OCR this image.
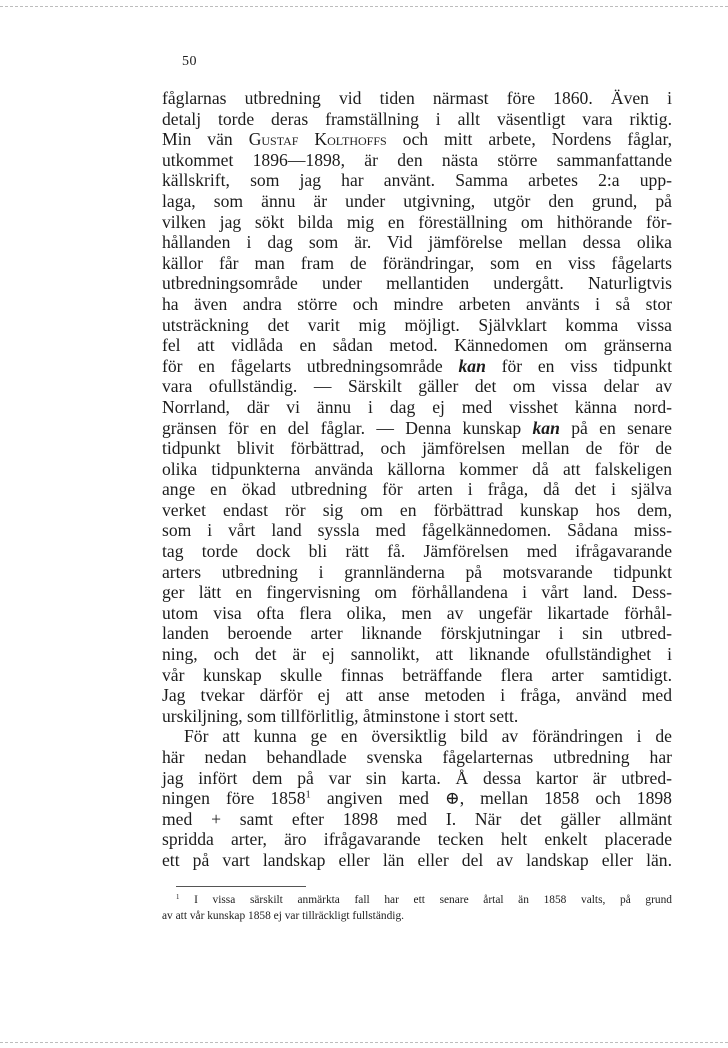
50
fåglarnas utbredning vid tiden närmast före 1860. Även i
detalj torde deras framställning i allt väsentligt vara riktig.
Min vän Gustaf Kolthoffs och mitt arbete, Nordens fåglar,
utkommet 1896—1898, är den nästa större sammanfattande
källskrift, som jag har använt. Samma arbetes 2:a upp-
laga, som ännu är under utgivning, utgör den grund, på
vilken jag sökt bilda mig en föreställning om hithörande för-
hållanden i dag som är. Vid jämförelse mellan dessa olika
källor får man fram de förändringar, som en viss fågelarts
utbredningsområde under mellantiden undergått. Naturligtvis
ha även andra större och mindre arbeten använts i så stor
utsträckning det varit mig möjligt. Självklart komma vissa
fel att vidlåda en sådan metod. Kännedomen om gränserna
för en fågelarts utbredningsområde kan för en viss tidpunkt
vara ofullständig. — Särskilt gäller det om vissa delar av
Norrland, där vi ännu i dag ej med visshet känna nord-
gränsen för en del fåglar. — Denna kunskap kan på en senare
tidpunkt blivit förbättrad, och jämförelsen mellan de för de
olika tidpunkterna använda källorna kommer då att falskeligen
ange en ökad utbredning för arten i fråga, då det i själva
verket endast rör sig om en förbättrad kunskap hos dem,
som i vårt land syssla med fågelkännedomen. Sådana miss-
tag torde dock bli rätt få. Jämförelsen med ifrågavarande
arters utbredning i grannländerna på motsvarande tidpunkt
ger lätt en fingervisning om förhållandena i vårt land. Dess-
utom visa ofta flera olika, men av ungefär likartade förhål-
landen beroende arter liknande förskjutningar i sin utbred-
ning, och det är ej sannolikt, att liknande ofullständighet i
vår kunskap skulle finnas beträffande flera arter samtidigt.
Jag tvekar därför ej att anse metoden i fråga, använd med
urskiljning, som tillförlitlig, åtminstone i stort sett.
För att kunna ge en översiktlig bild av förändringen i de
här nedan behandlade svenska fågelarternas utbredning har
jag infört dem på var sin karta. Å dessa kartor är utbred-
ningen före 1858$^1$ angiven med ⊕, mellan 1858 och 1898
med + samt efter 1898 med I. När det gäller allmänt
spridda arter, äro ifrågavarande tecken helt enkelt placerade
ett på vart landskap eller län eller del av landskap eller län.
$^1$ I vissa särskilt anmärkta fall har ett senare årtal än 1858 valts, på grund
av att vår kunskap 1858 ej var tillräckligt fullständig.
